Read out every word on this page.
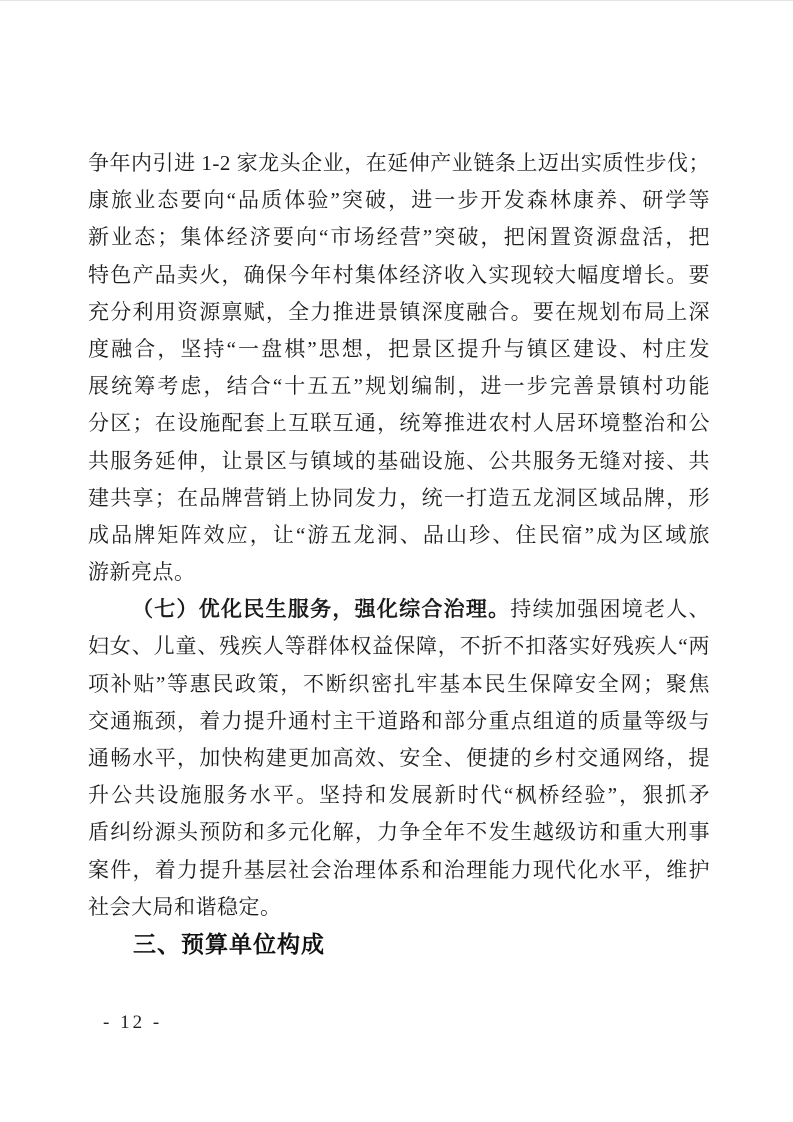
争年内引进 1-2 家龙头企业，在延伸产业链条上迈出实质性步伐；
康旅业态要向“品质体验”突破，进一步开发森林康养、研学等
新业态；集体经济要向“市场经营”突破，把闲置资源盘活，把
特色产品卖火，确保今年村集体经济收入实现较大幅度增长。要
充分利用资源禀赋，全力推进景镇深度融合。要在规划布局上深
度融合，坚持“一盘棋”思想，把景区提升与镇区建设、村庄发
展统筹考虑，结合“十五五”规划编制，进一步完善景镇村功能
分区；在设施配套上互联互通，统筹推进农村人居环境整治和公
共服务延伸，让景区与镇域的基础设施、公共服务无缝对接、共
建共享；在品牌营销上协同发力，统一打造五龙洞区域品牌，形
成品牌矩阵效应，让“游五龙洞、品山珍、住民宿”成为区域旅
游新亮点。
（七）优化民生服务，强化综合治理。持续加强困境老人、
妇女、儿童、残疾人等群体权益保障，不折不扣落实好残疾人“两
项补贴”等惠民政策，不断织密扎牢基本民生保障安全网；聚焦
交通瓶颈，着力提升通村主干道路和部分重点组道的质量等级与
通畅水平，加快构建更加高效、安全、便捷的乡村交通网络，提
升公共设施服务水平。坚持和发展新时代“枫桥经验”，狠抓矛
盾纠纷源头预防和多元化解，力争全年不发生越级访和重大刑事
案件，着力提升基层社会治理体系和治理能力现代化水平，维护
社会大局和谐稳定。
三、预算单位构成
- 12 -
